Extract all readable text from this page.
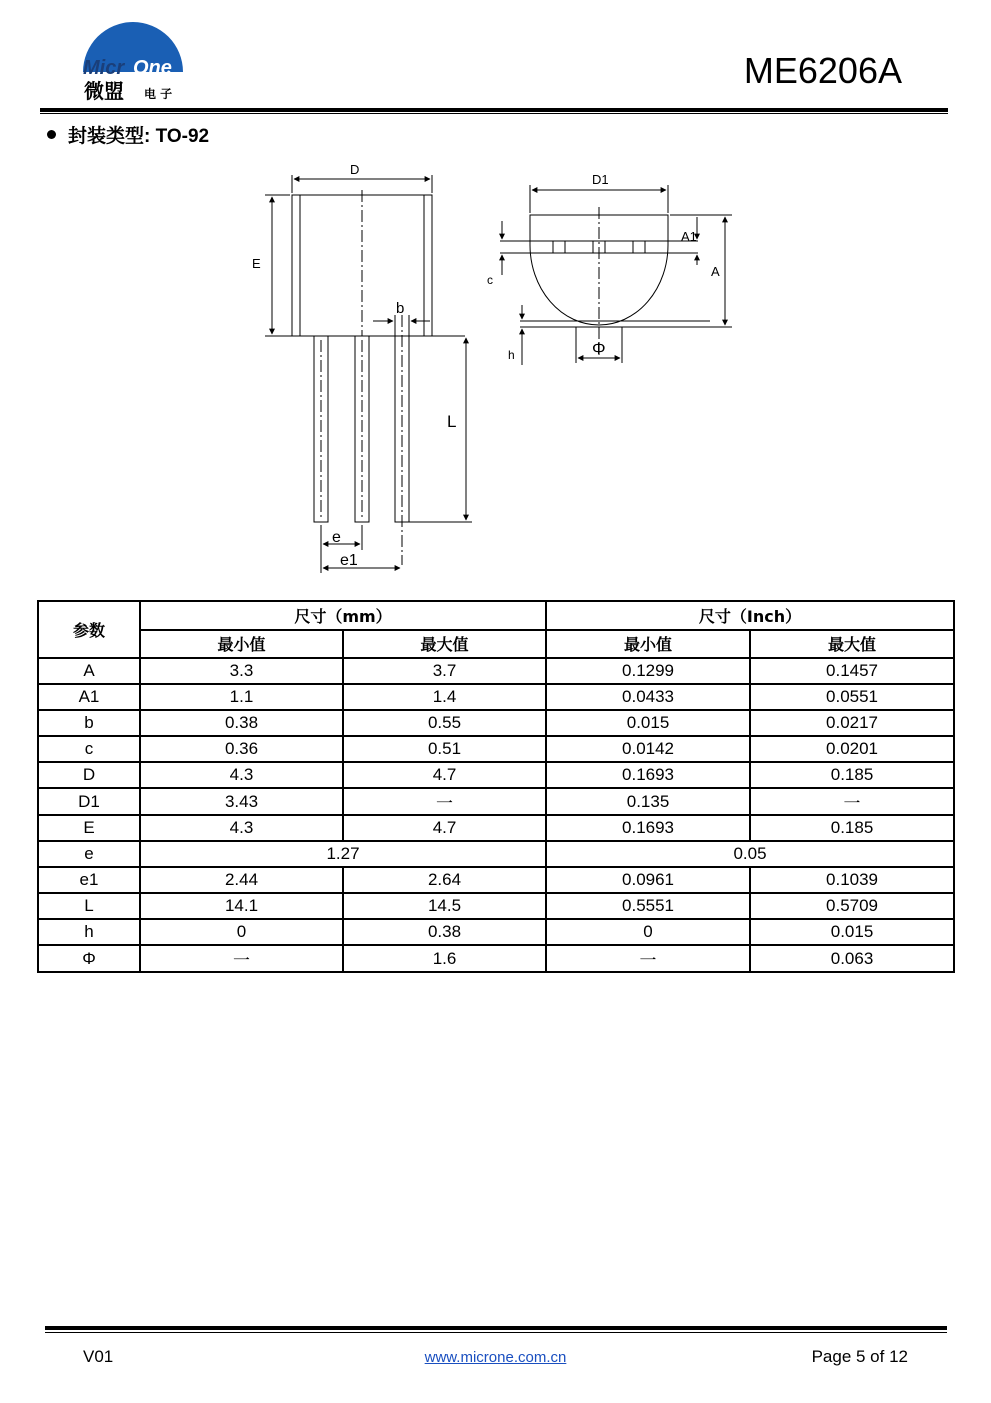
Micr One
微盟 电 子
ME6206A
封装类型: TO-92
D
E
b
L
e
e1
D1
A1
A
c
h	Φ
参数	尺寸（mm）		尺寸（Inch）	
	最小值	最大值	最小值	最大值
A	3.3	3.7	0.1299	0.1457
A1	1.1	1.4	0.0433	0.0551
b	0.38	0.55	0.015	0.0217
c	0.36	0.51	0.0142	0.0201
D	4.3	4.7	0.1693	0.185
D1	3.43	一	0.135	一
E	4.3	4.7	0.1693	0.185
e	1.27		0.05	
e1	2.44	2.64	0.0961	0.1039
L	14.1	14.5	0.5551	0.5709
h	0	0.38	0	0.015
Φ	一	1.6	一	0.063
V01	www.microne.com.cn	Page 5 of 12
